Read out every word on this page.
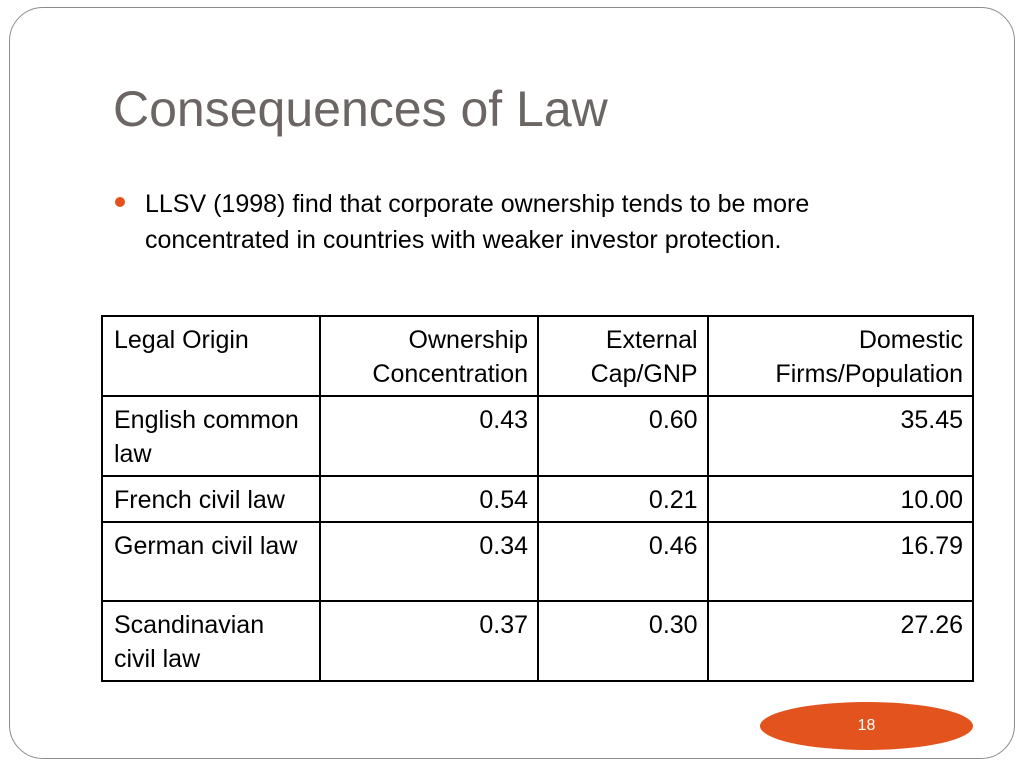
Consequences of Law
LLSV (1998) find that corporate ownership tends to be more concentrated in countries with weaker investor protection.
Legal Origin	Ownership Concentration	External Cap/GNP	Domestic Firms/Population
English common law	0.43	0.60	35.45
French civil law	0.54	0.21	10.00
German civil law	0.34	0.46	16.79
Scandinavian civil law	0.37	0.30	27.26
18
